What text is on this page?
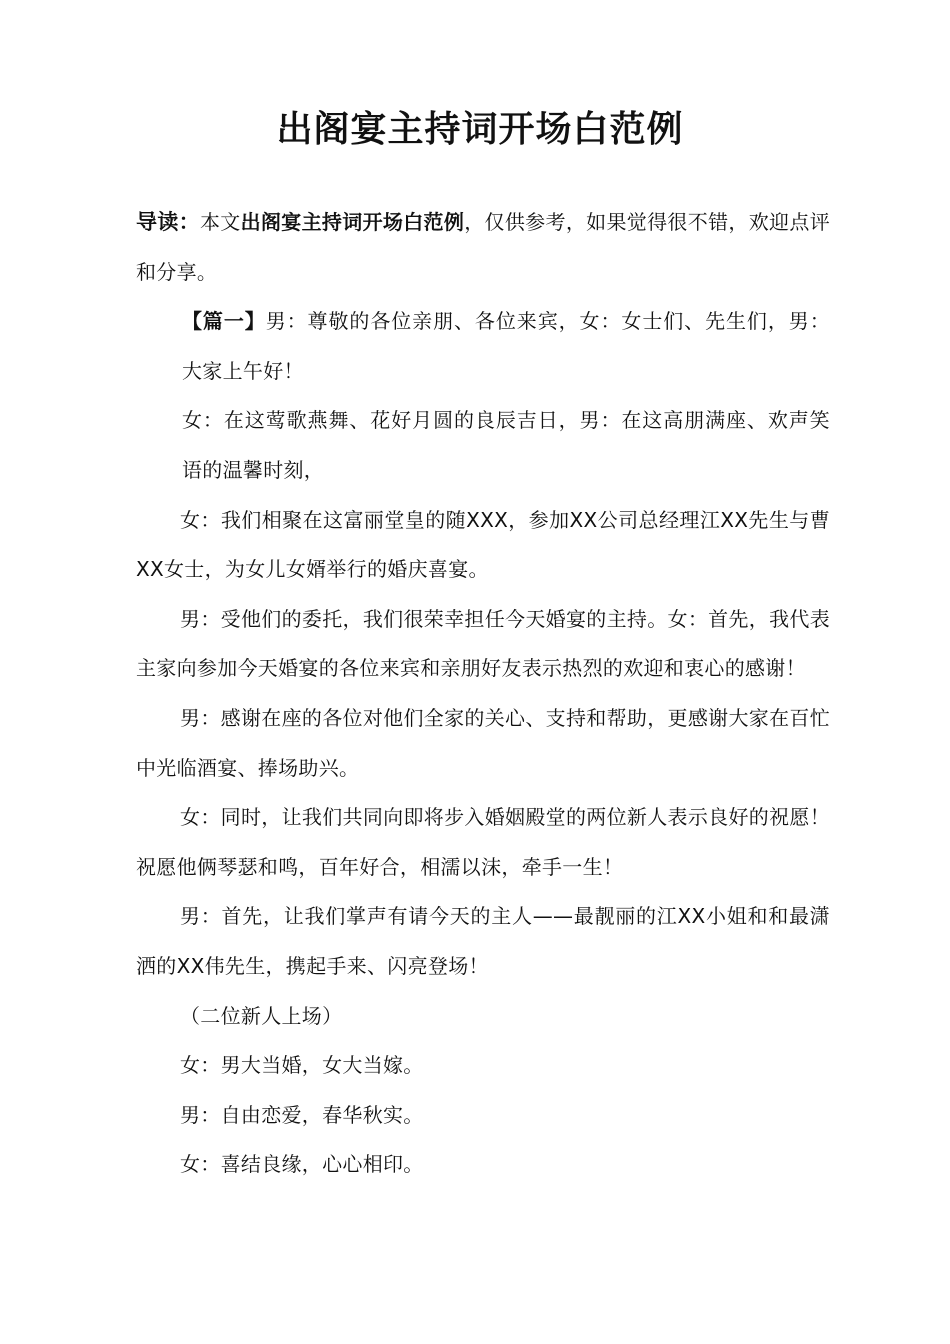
出阁宴主持词开场白范例

导读：本文出阁宴主持词开场白范例，仅供参考，如果觉得很不错，欢迎点评和分享。

【篇一】男：尊敬的各位亲朋、各位来宾，女：女士们、先生们，男：大家上午好！

女：在这莺歌燕舞、花好月圆的良辰吉日，男：在这高朋满座、欢声笑语的温馨时刻，

女：我们相聚在这富丽堂皇的随XXX，参加XX公司总经理江XX先生与曹XX女士，为女儿女婿举行的婚庆喜宴。

男：受他们的委托，我们很荣幸担任今天婚宴的主持。女：首先，我代表主家向参加今天婚宴的各位来宾和亲朋好友表示热烈的欢迎和衷心的感谢！

男：感谢在座的各位对他们全家的关心、支持和帮助，更感谢大家在百忙中光临酒宴、捧场助兴。

女：同时，让我们共同向即将步入婚姻殿堂的两位新人表示良好的祝愿！祝愿他俩琴瑟和鸣，百年好合，相濡以沫，牵手一生！

男：首先，让我们掌声有请今天的主人——最靓丽的江XX小姐和和最潇洒的XX伟先生，携起手来、闪亮登场！

（二位新人上场）

女：男大当婚，女大当嫁。

男：自由恋爱，春华秋实。

女：喜结良缘，心心相印。
